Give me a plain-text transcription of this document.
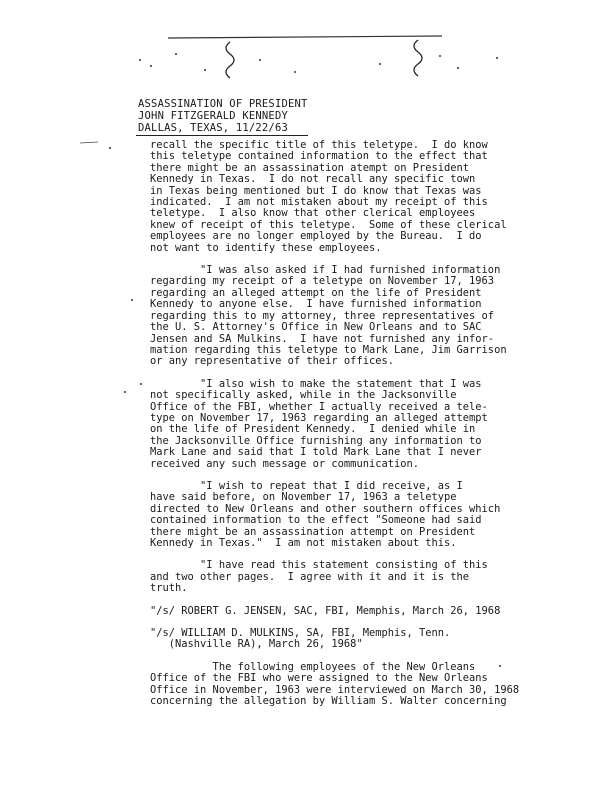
ASSASSINATION OF PRESIDENT
JOHN FITZGERALD KENNEDY
DALLAS, TEXAS, 11/22/63
recall the specific title of this teletype.  I do know
this teletype contained information to the effect that
there might be an assassination atempt on President
Kennedy in Texas.  I do not recall any specific town
in Texas being mentioned but I do know that Texas was
indicated.  I am not mistaken about my receipt of this
teletype.  I also know that other clerical employees
knew of receipt of this teletype.  Some of these clerical
employees are no longer employed by the Bureau.  I do
not want to identify these employees.
"I was also asked if I had furnished information
regarding my receipt of a teletype on November 17, 1963
regarding an alleged attempt on the life of President
Kennedy to anyone else.  I have furnished information
regarding this to my attorney, three representatives of
the U. S. Attorney's Office in New Orleans and to SAC
Jensen and SA Mulkins.  I have not furnished any infor-
mation regarding this teletype to Mark Lane, Jim Garrison
or any representative of their offices.
"I also wish to make the statement that I was
not specifically asked, while in the Jacksonville
Office of the FBI, whether I actually received a tele-
type on November 17, 1963 regarding an alleged attempt
on the life of President Kennedy.  I denied while in
the Jacksonville Office furnishing any information to
Mark Lane and said that I told Mark Lane that I never
received any such message or communication.
"I wish to repeat that I did receive, as I
have said before, on November 17, 1963 a teletype
directed to New Orleans and other southern offices which
contained information to the effect "Someone had said
there might be an assassination attempt on President
Kennedy in Texas."  I am not mistaken about this.
"I have read this statement consisting of this
and two other pages.  I agree with it and it is the
truth.
"/s/ ROBERT G. JENSEN, SAC, FBI, Memphis, March 26, 1968
"/s/ WILLIAM D. MULKINS, SA, FBI, Memphis, Tenn.
(Nashville RA), March 26, 1968"
The following employees of the New Orleans
Office of the FBI who were assigned to the New Orleans
Office in November, 1963 were interviewed on March 30, 1968
concerning the allegation by William S. Walter concerning
